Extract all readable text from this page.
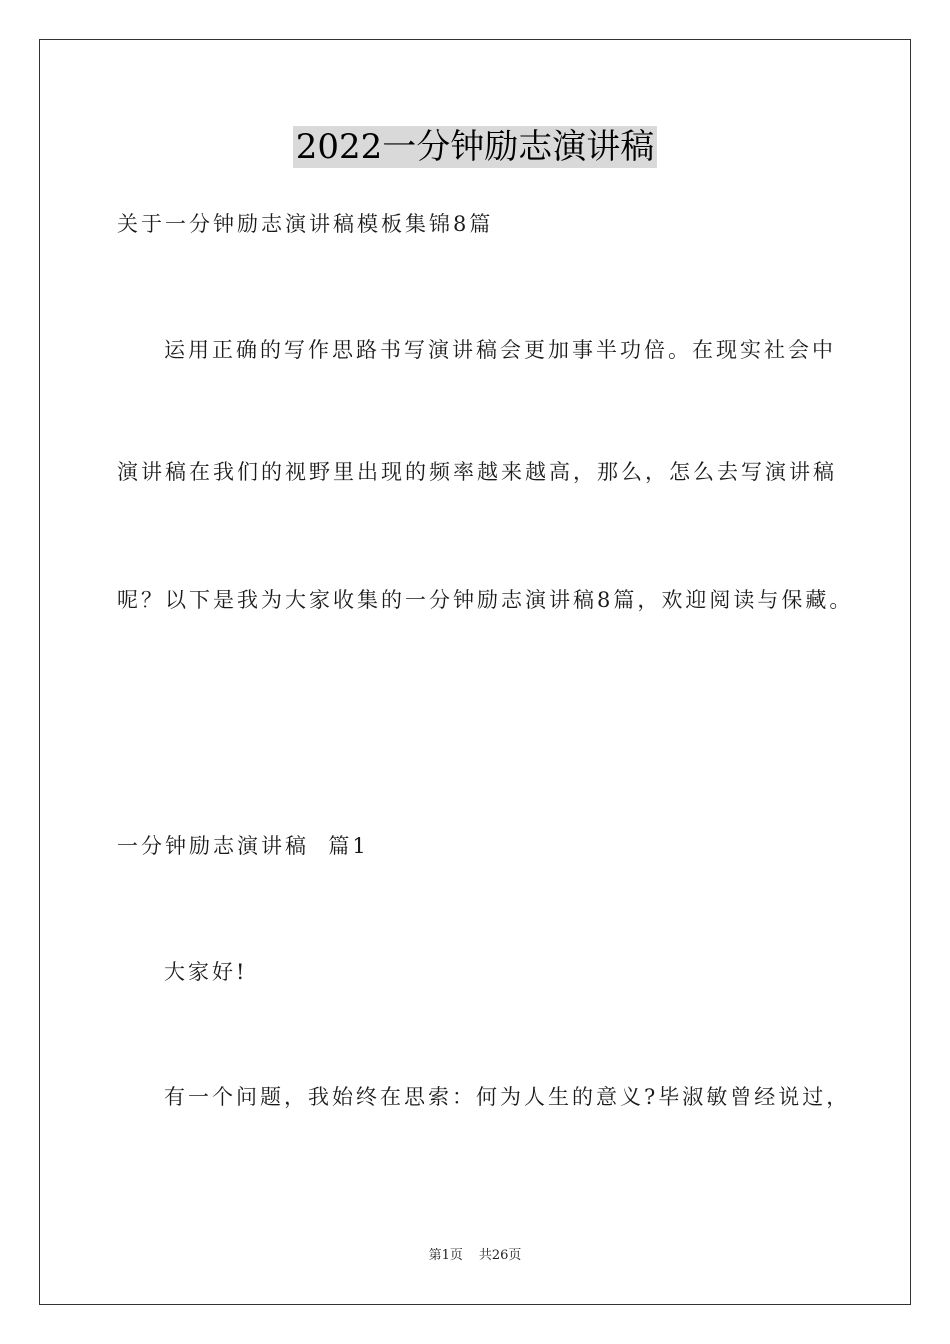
2022一分钟励志演讲稿
关于一分钟励志演讲稿模板集锦8篇
运用正确的写作思路书写演讲稿会更加事半功倍。在现实社会中
演讲稿在我们的视野里出现的频率越来越高，那么，怎么去写演讲稿
呢？以下是我为大家收集的一分钟励志演讲稿8篇，欢迎阅读与保藏。
一分钟励志演讲稿  篇1
大家好!
有一个问题，我始终在思索：何为人生的意义?毕淑敏曾经说过，
第1页 共26页
